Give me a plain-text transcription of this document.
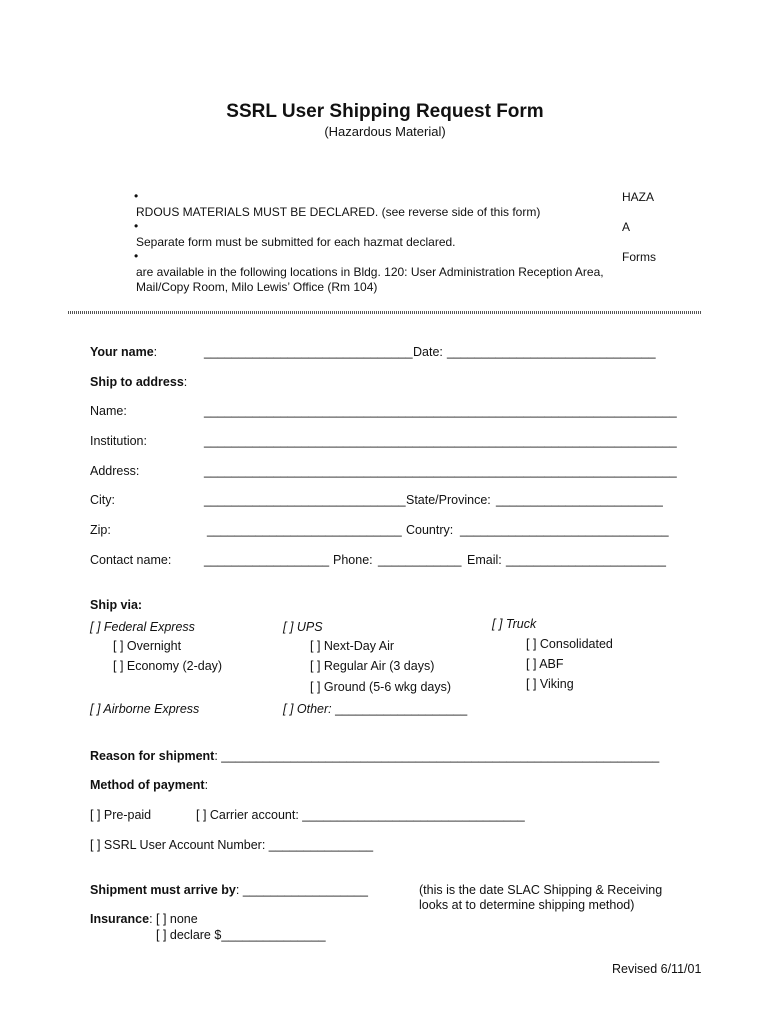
SSRL User Shipping Request Form
(Hazardous Material)
•	HAZA
RDOUS MATERIALS MUST BE DECLARED. (see reverse side of this form)
•	A
Separate form must be submitted for each hazmat declared.
•	Forms
are available in the following locations in Bldg. 120: User Administration Reception Area,
Mail/Copy Room, Milo Lewis’ Office (Rm 104)
Your name:	______________________________ Date: ______________________________
Ship to address:
Name:	____________________________________________________________________
Institution:	____________________________________________________________________
Address:	____________________________________________________________________
City:	_____________________________ State/Province: ________________________
Zip:	____________________________ Country: ______________________________
Contact name:	__________________ Phone: ____________ Email: _______________________
Ship via:
[ ] Federal Express
[ ] Overnight
[ ] Economy (2-day)
[ ] Airborne Express
[ ] UPS
[ ] Next-Day Air
[ ] Regular Air (3 days)
[ ] Ground (5-6 wkg days)
[ ] Other: ___________________
[ ] Truck
[ ] Consolidated
[ ] ABF
[ ] Viking
Reason for shipment: _______________________________________________________________
Method of payment:
[ ] Pre-paid	[ ] Carrier account: ________________________________
[ ] SSRL User Account Number: _______________
Shipment must arrive by: __________________	(this is the date SLAC Shipping & Receiving
looks at to determine shipping method)
Insurance: [ ] none
[ ] declare $_______________
Revised 6/11/01
